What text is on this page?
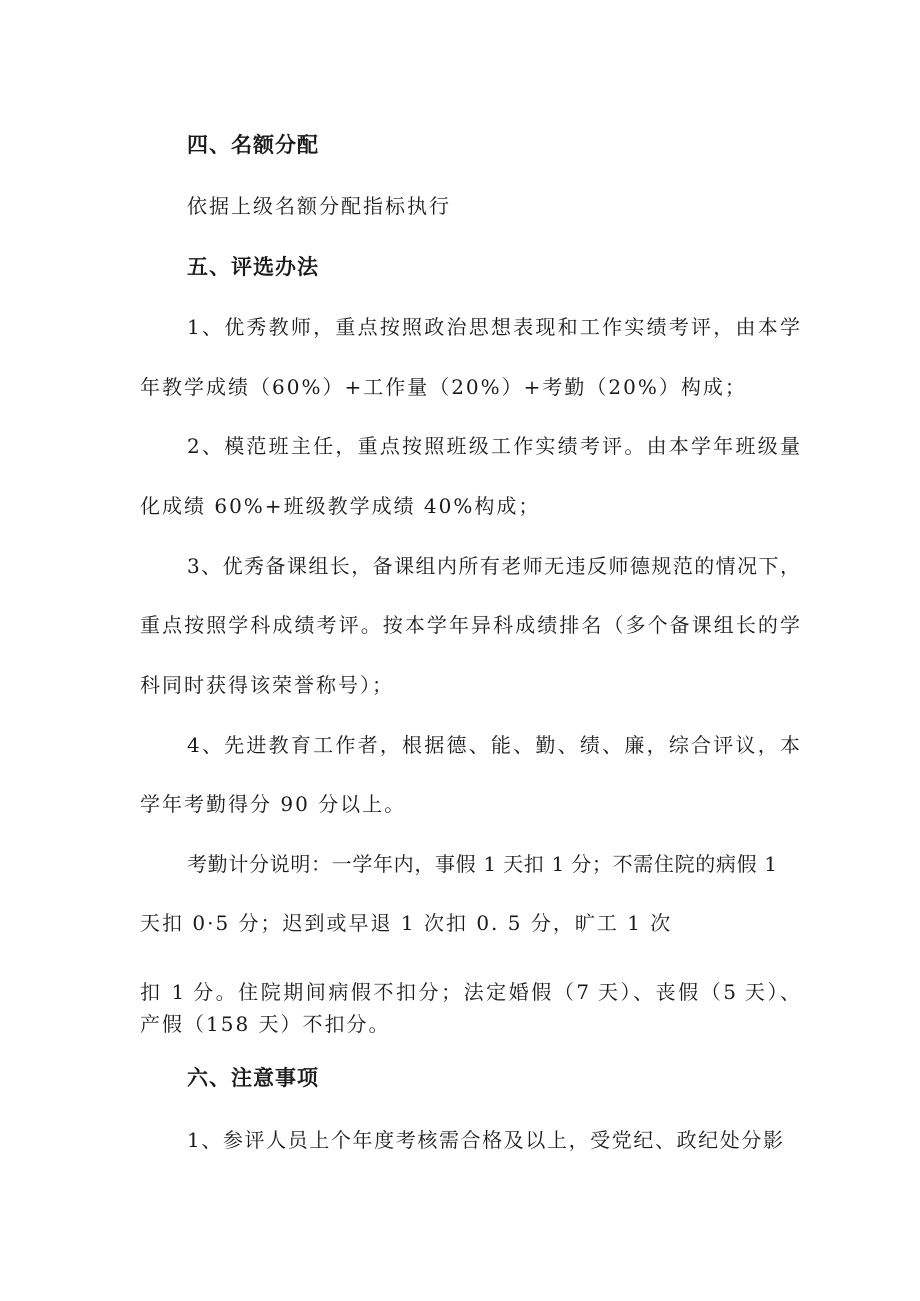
四、名额分配

依据上级名额分配指标执行

五、评选办法

1、优秀教师，重点按照政治思想表现和工作实绩考评，由本学

年教学成绩（60%）+工作量（20%）+考勤（20%）构成；

2、模范班主任，重点按照班级工作实绩考评。由本学年班级量

化成绩 60%+班级教学成绩 40%构成；

3、优秀备课组长，备课组内所有老师无违反师德规范的情况下，

重点按照学科成绩考评。按本学年异科成绩排名（多个备课组长的学

科同时获得该荣誉称号）；

4、先进教育工作者，根据德、能、勤、绩、廉，综合评议，本

学年考勤得分 90 分以上。

考勤计分说明：一学年内，事假 1 天扣 1 分；不需住院的病假 1

天扣 0·5 分；迟到或早退 1 次扣 0. 5 分，旷工 1 次

扣 1 分。住院期间病假不扣分；法定婚假（7 天）、丧假（5 天）、

产假（158 天）不扣分。

六、注意事项

1、参评人员上个年度考核需合格及以上，受党纪、政纪处分影
